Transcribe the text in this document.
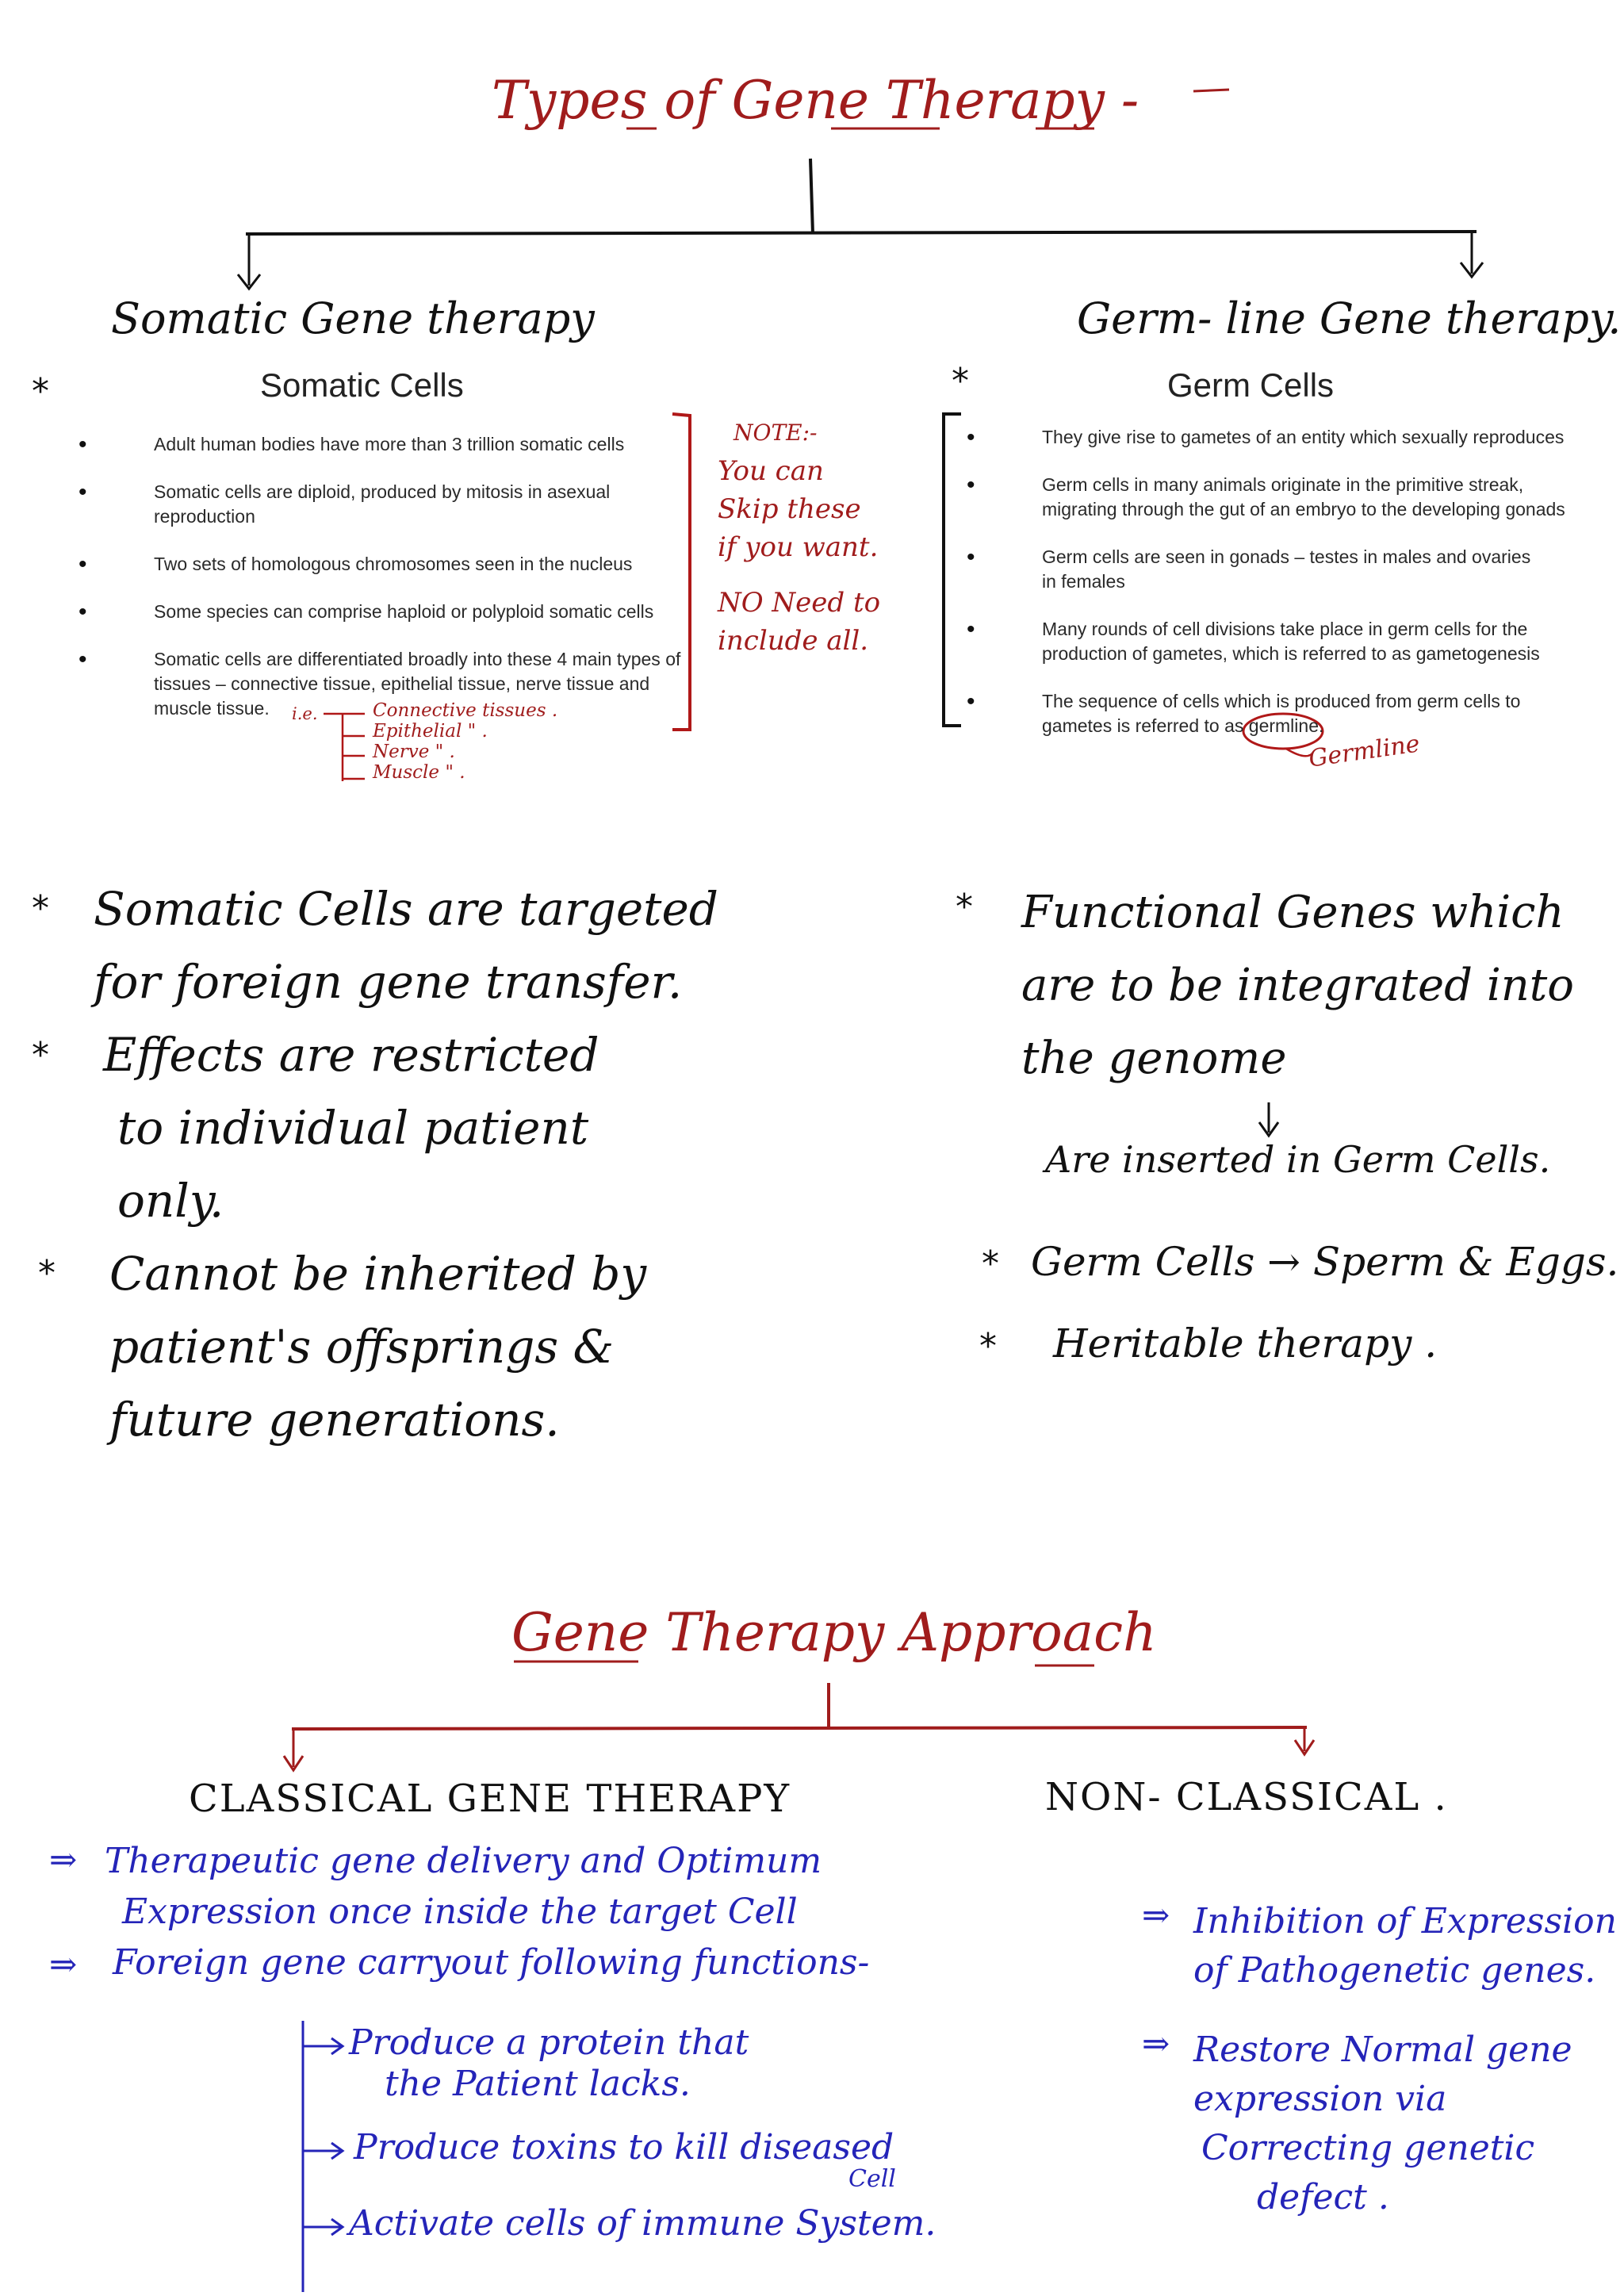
Types of Gene Therapy -
Somatic Gene therapy
*	Somatic Cells
• Adult human bodies have more than 3 trillion somatic cells
• Somatic cells are diploid, produced by mitosis in asexual reproduction
• Two sets of homologous chromosomes seen in the nucleus
• Some species can comprise haploid or polyploid somatic cells
• Somatic cells are differentiated broadly into these 4 main types of tissues – connective tissue, epithelial tissue, nerve tissue and muscle tissue.	i.e.	Connective tissues .
Epithelial " .
Nerve " .
Muscle " .
NOTE:-
You can
Skip these
if you want.
NO Need to
include all.
Germ- line Gene therapy.
*	Germ Cells
• They give rise to gametes of an entity which sexually reproduces
• Germ cells in many animals originate in the primitive streak, migrating through the gut of an embryo to the developing gonads
• Germ cells are seen in gonads – testes in males and ovaries in females
• Many rounds of cell divisions take place in germ cells for the production of gametes, which is referred to as gametogenesis
• The sequence of cells which is produced from germ cells to gametes is referred to as germline.
Germline
*
*
*
Somatic Cells are targeted
for foreign gene transfer.
Effects are restricted
to individual patient
only.
Cannot be inherited by
patient's offsprings &
future generations.
* Functional Genes which
are to be integrated into
the genome
Are inserted in Germ Cells.
* Germ Cells → Sperm & Eggs.
* Heritable therapy .
Gene Therapy Approach
CLASSICAL GENE THERAPY	NON- CLASSICAL .
⇒ Therapeutic gene delivery and Optimum
Expression once inside the target Cell
Foreign gene carryout following functions-
⇒
Produce a protein that
the Patient lacks.
Produce toxins to kill diseased
Cell
Activate cells of immune System.
⇒
⇒
Inhibition of Expression
of Pathogenetic genes.
Restore Normal gene
expression via
Correcting genetic
defect .
